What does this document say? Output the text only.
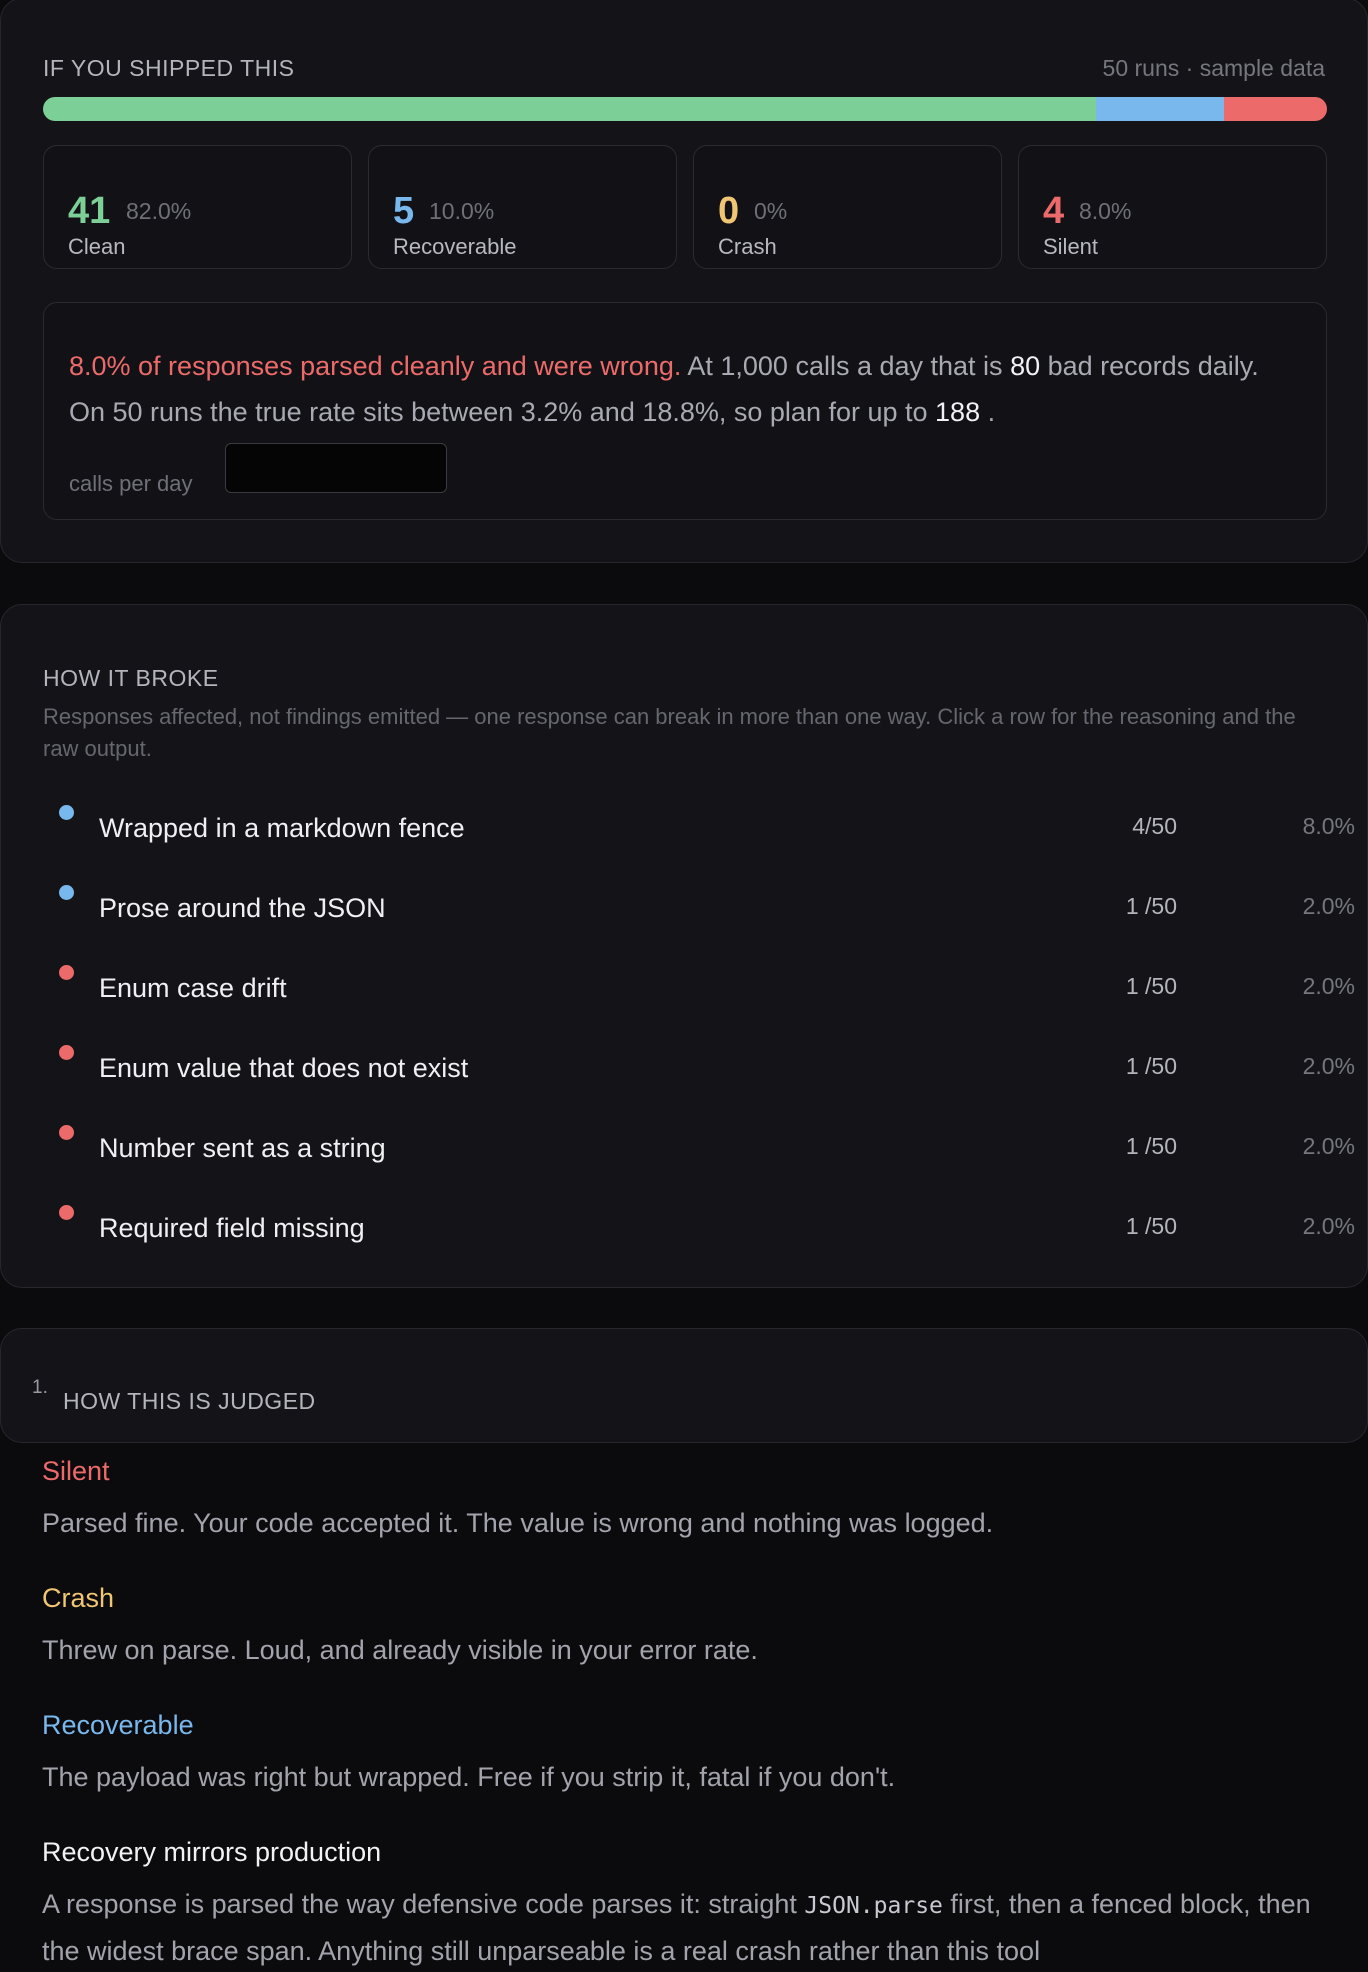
IF YOU SHIPPED THIS	50 runs · sample data
41 82.0%
Clean
5 10.0%
Recoverable
0 0%
Crash
4 8.0%
Silent

8.0% of responses parsed cleanly and were wrong. At 1,000 calls a day that is 80 bad records daily. On 50 runs the true rate sits between 3.2% and 18.8%, so plan for up to 188 .

calls per day
HOW IT BROKE
Responses affected, not findings emitted — one response can break in more than one way. Click a row for the reasoning and the raw output.
Wrapped in a markdown fence	4/50	8.0%
Prose around the JSON	1 /50	2.0%
Enum case drift	1 /50	2.0%
Enum value that does not exist	1 /50	2.0%
Number sent as a string	1 /50	2.0%
Required field missing	1 /50	2.0%
1.
HOW THIS IS JUDGED
Silent
Parsed fine. Your code accepted it. The value is wrong and nothing was logged.
Crash
Threw on parse. Loud, and already visible in your error rate.
Recoverable
The payload was right but wrapped. Free if you strip it, fatal if you don't.
Recovery mirrors production
A response is parsed the way defensive code parses it: straight JSON.parse first, then a fenced block, then the widest brace span. Anything still unparseable is a real crash rather than this tool
